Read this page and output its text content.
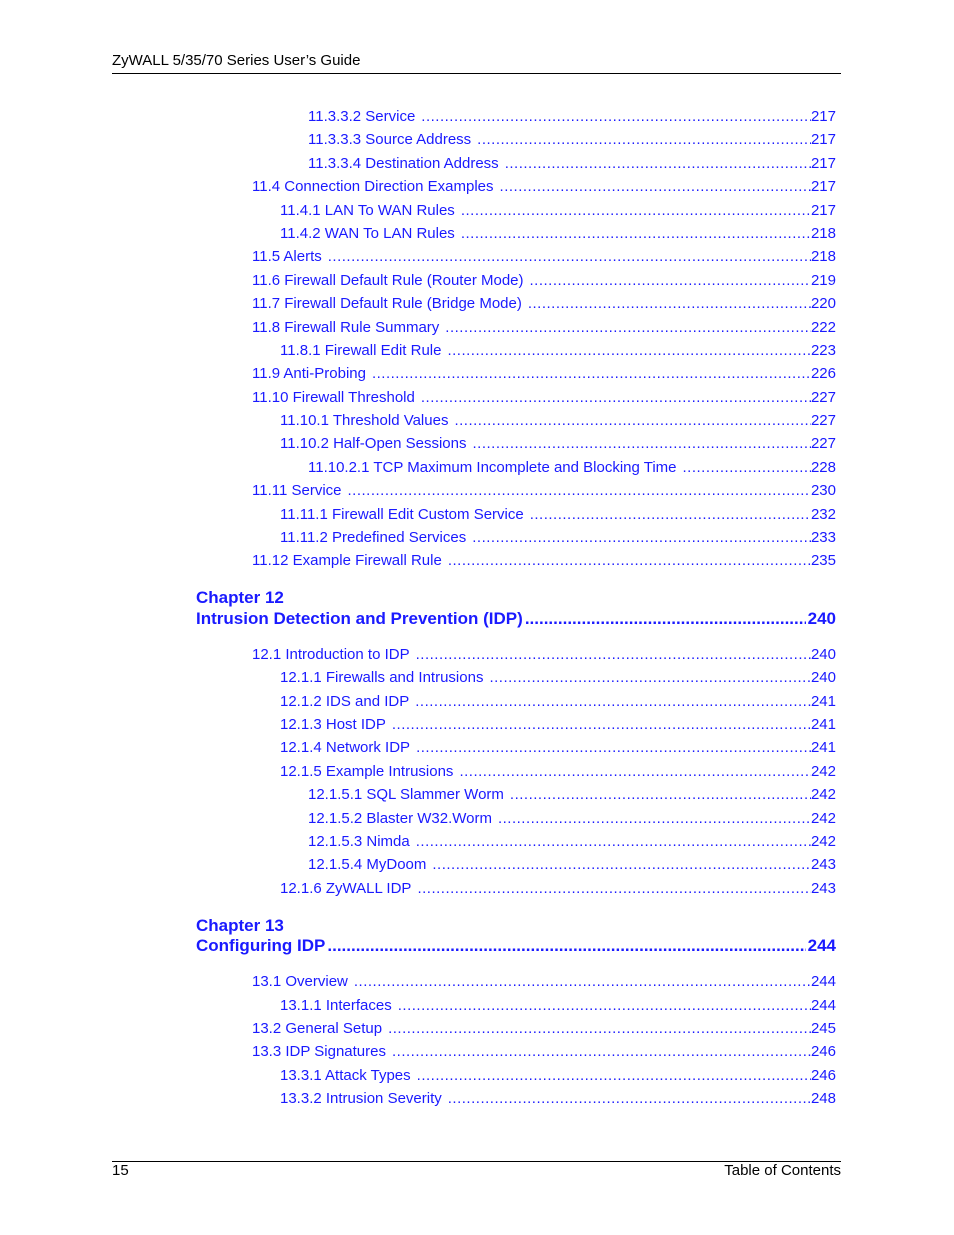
ZyWALL 5/35/70 Series User’s Guide
11.3.3.2 Service .....	217
11.3.3.3 Source Address .....	217
11.3.3.4 Destination Address .....	217
11.4 Connection Direction Examples .....	217
11.4.1 LAN To WAN Rules .....	217
11.4.2 WAN To LAN Rules .....	218
11.5 Alerts .....	218
11.6 Firewall Default Rule (Router Mode) .....	219
11.7 Firewall Default Rule (Bridge Mode) .....	220
11.8 Firewall Rule Summary .....	222
11.8.1 Firewall Edit Rule .....	223
11.9 Anti-Probing .....	226
11.10 Firewall Threshold .....	227
11.10.1 Threshold Values .....	227
11.10.2 Half-Open Sessions .....	227
11.10.2.1 TCP Maximum Incomplete and Blocking Time .....	228
11.11 Service .....	230
11.11.1 Firewall Edit Custom Service .....	232
11.11.2 Predefined Services .....	233
11.12 Example Firewall Rule .....	235
Chapter 12
Intrusion Detection and Prevention (IDP) .....	240
12.1 Introduction to IDP .....	240
12.1.1 Firewalls and Intrusions .....	240
12.1.2 IDS and IDP .....	241
12.1.3 Host IDP .....	241
12.1.4 Network IDP .....	241
12.1.5 Example Intrusions .....	242
12.1.5.1 SQL Slammer Worm .....	242
12.1.5.2 Blaster W32.Worm .....	242
12.1.5.3 Nimda .....	242
12.1.5.4 MyDoom .....	243
12.1.6 ZyWALL IDP .....	243
Chapter 13
Configuring IDP .....	244
13.1 Overview .....	244
13.1.1 Interfaces .....	244
13.2 General Setup .....	245
13.3 IDP Signatures .....	246
13.3.1 Attack Types .....	246
13.3.2 Intrusion Severity .....	248
15	Table of Contents
